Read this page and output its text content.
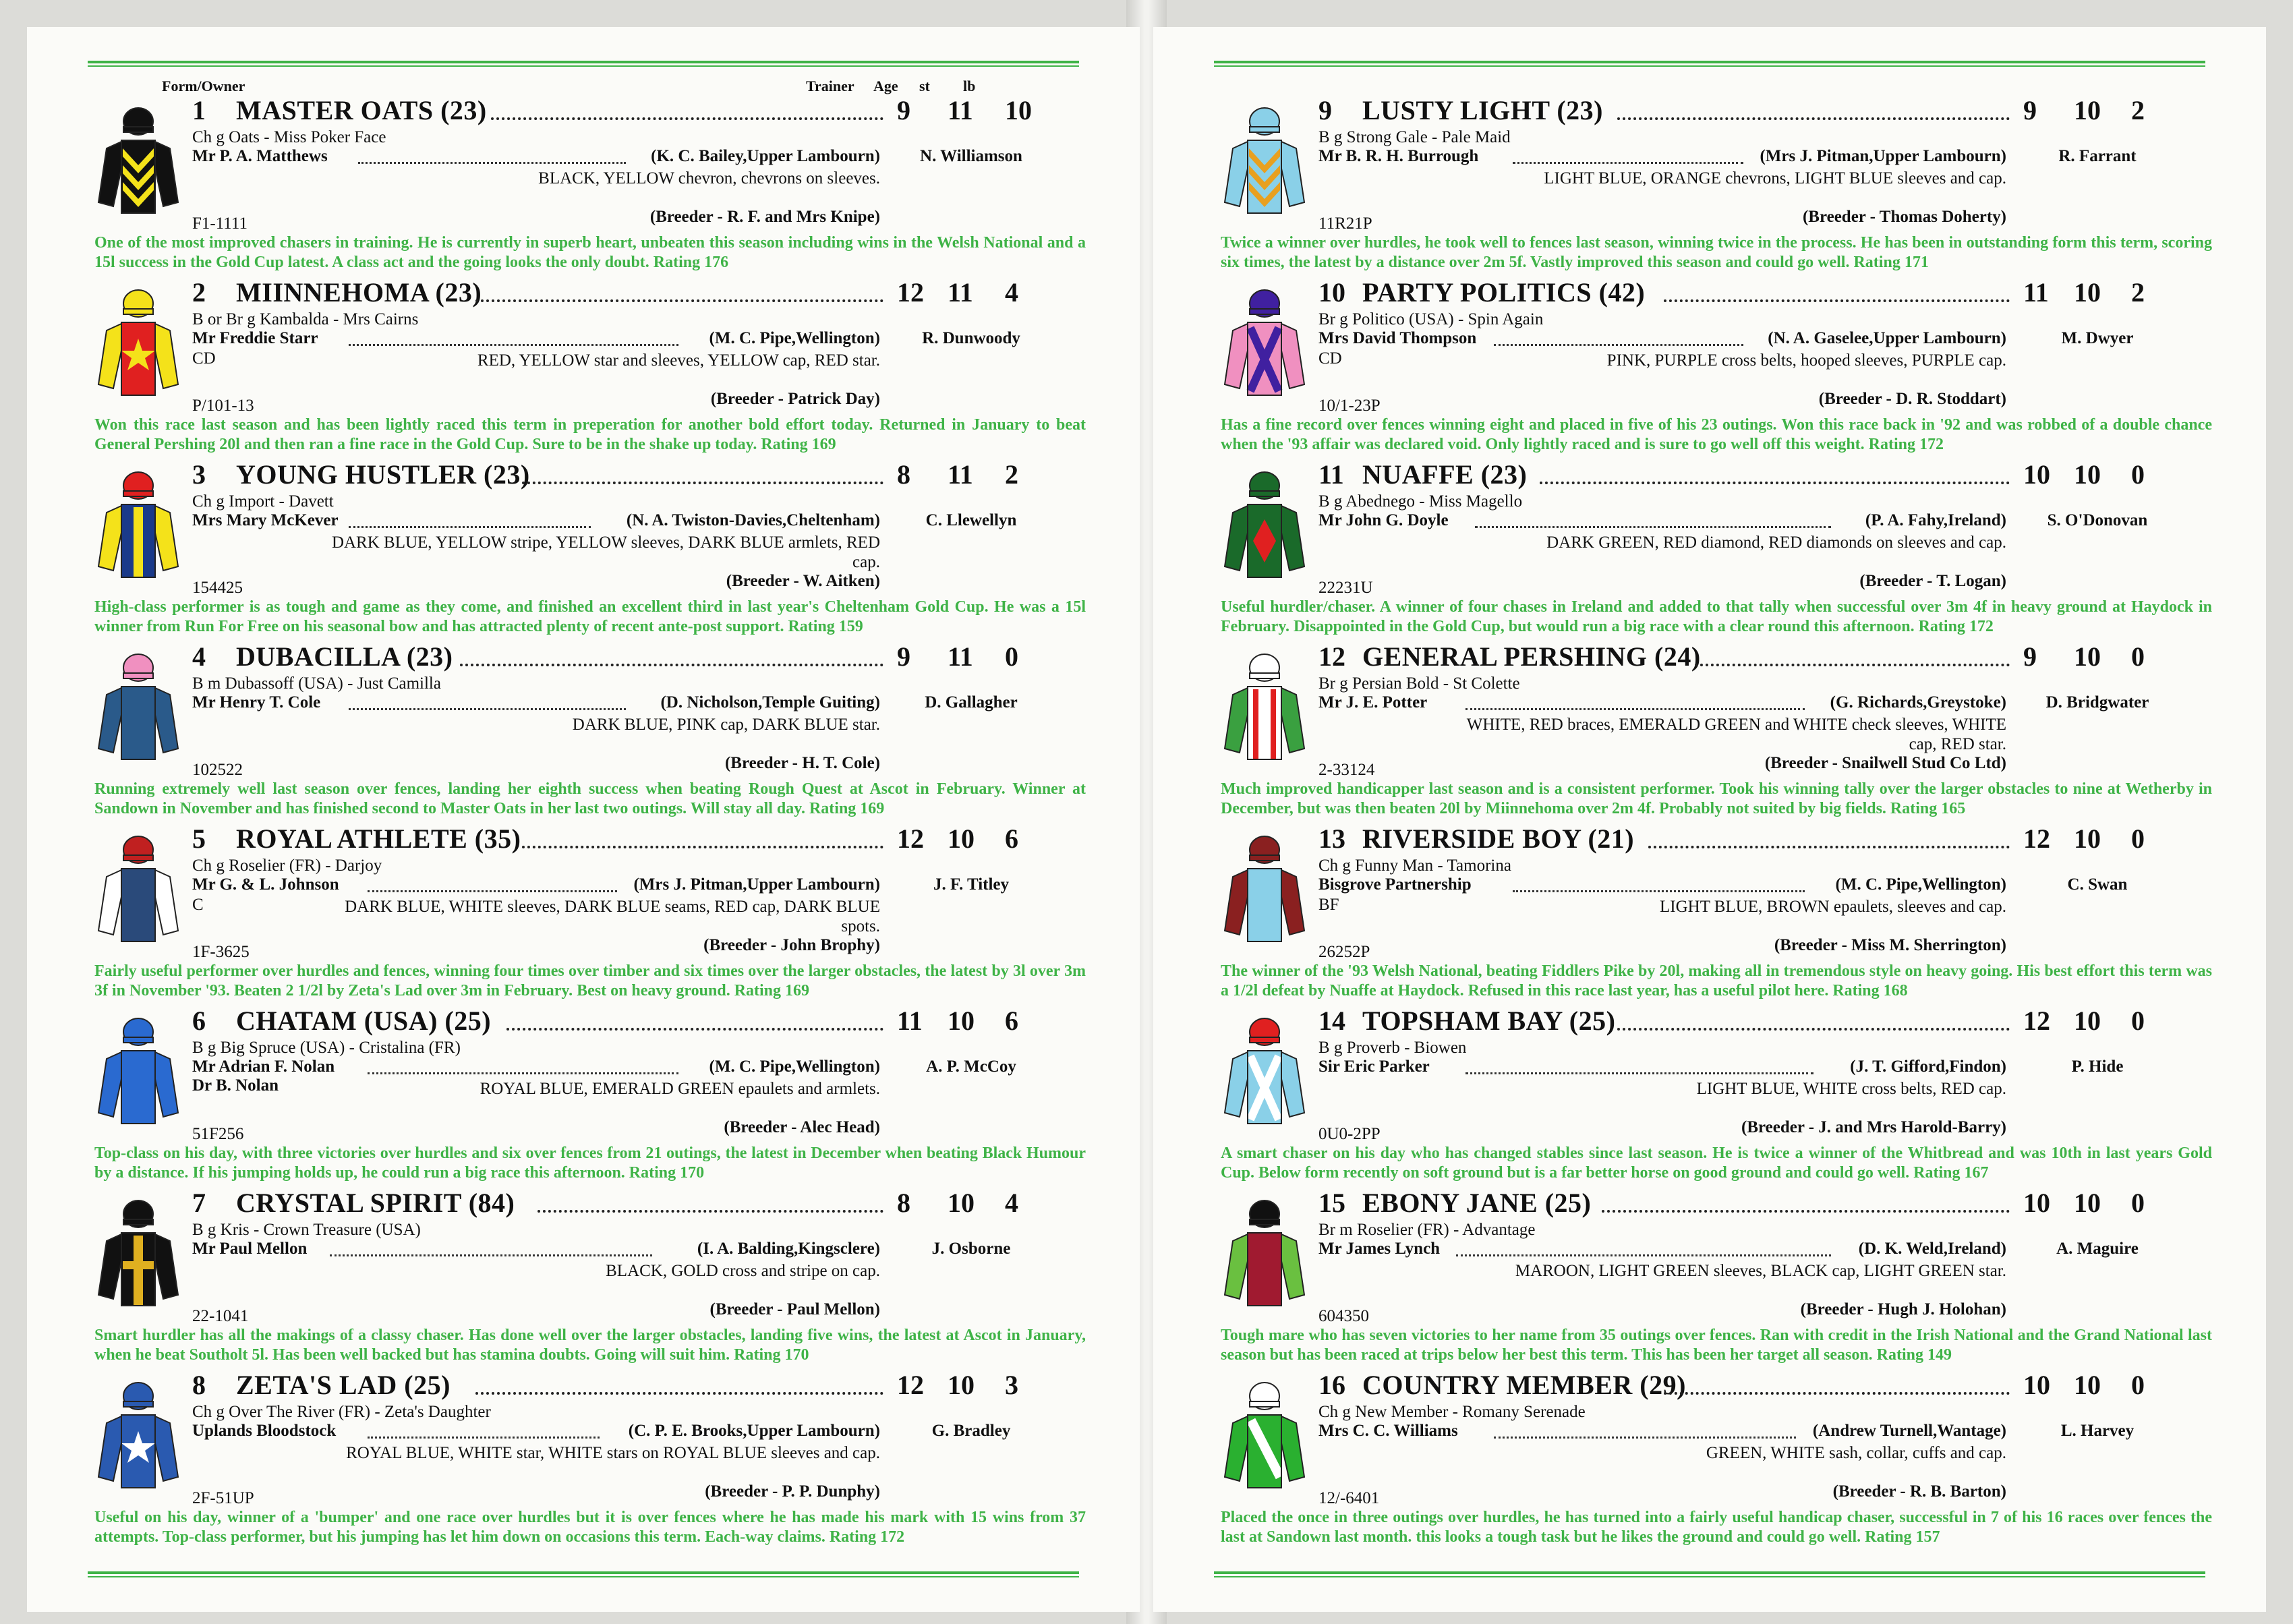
Form/Owner	Trainer Age st lb
1 MASTER OATS (23)	9 11 10
Ch g Oats - Miss Poker Face
Mr P. A. Matthews	(K. C. Bailey,Upper Lambourn)	N. Williamson
BLACK, YELLOW chevron, chevrons on sleeves.
F1-1111	(Breeder - R. F. and Mrs Knipe)
One of the most improved chasers in training. He is currently in superb heart, unbeaten this season including wins in the Welsh National and a 15l success in the Gold Cup latest. A class act and the going looks the only doubt. Rating 176
2 MIINNEHOMA (23)	12 11 4
B or Br g Kambalda - Mrs Cairns
Mr Freddie Starr	(M. C. Pipe,Wellington)	R. Dunwoody
CD	RED, YELLOW star and sleeves, YELLOW cap, RED star.
P/101-13	(Breeder - Patrick Day)
Won this race last season and has been lightly raced this term in preperation for another bold effort today. Returned in January to beat General Pershing 20l and then ran a fine race in the Gold Cup. Sure to be in the shake up today. Rating 169
3 YOUNG HUSTLER (23)	8 11 2
Ch g Import - Davett
Mrs Mary McKever	(N. A. Twiston-Davies,Cheltenham)	C. Llewellyn
DARK BLUE, YELLOW stripe, YELLOW sleeves, DARK BLUE armlets, RED cap.
154425	(Breeder - W. Aitken)
High-class performer is as tough and game as they come, and finished an excellent third in last year's Cheltenham Gold Cup. He was a 15l winner from Run For Free on his seasonal bow and has attracted plenty of recent ante-post support. Rating 159
4 DUBACILLA (23)	9 11 0
B m Dubassoff (USA) - Just Camilla
Mr Henry T. Cole	(D. Nicholson,Temple Guiting)	D. Gallagher
DARK BLUE, PINK cap, DARK BLUE star.
102522	(Breeder - H. T. Cole)
Running extremely well last season over fences, landing her eighth success when beating Rough Quest at Ascot in February. Winner at Sandown in November and has finished second to Master Oats in her last two outings. Will stay all day. Rating 169
5 ROYAL ATHLETE (35)	12 10 6
Ch g Roselier (FR) - Darjoy
Mr G. & L. Johnson	(Mrs J. Pitman,Upper Lambourn)	J. F. Titley
C	DARK BLUE, WHITE sleeves, DARK BLUE seams, RED cap, DARK BLUE spots.
1F-3625	(Breeder - John Brophy)
Fairly useful performer over hurdles and fences, winning four times over timber and six times over the larger obstacles, the latest by 3l over 3m 3f in November '93. Beaten 2 1/2l by Zeta's Lad over 3m in February. Best on heavy ground. Rating 169
6 CHATAM (USA) (25)	11 10 6
B g Big Spruce (USA) - Cristalina (FR)
Mr Adrian F. Nolan	(M. C. Pipe,Wellington)	A. P. McCoy
Dr B. Nolan	ROYAL BLUE, EMERALD GREEN epaulets and armlets.
51F256	(Breeder - Alec Head)
Top-class on his day, with three victories over hurdles and six over fences from 21 outings, the latest in December when beating Black Humour by a distance. If his jumping holds up, he could run a big race this afternoon. Rating 170
7 CRYSTAL SPIRIT (84)	8 10 4
B g Kris - Crown Treasure (USA)
Mr Paul Mellon	(I. A. Balding,Kingsclere)	J. Osborne
BLACK, GOLD cross and stripe on cap.
22-1041	(Breeder - Paul Mellon)
Smart hurdler has all the makings of a classy chaser. Has done well over the larger obstacles, landing five wins, the latest at Ascot in January, when he beat Southolt 5l. Has been well backed but has stamina doubts. Going will suit him. Rating 170
8 ZETA'S LAD (25)	12 10 3
Ch g Over The River (FR) - Zeta's Daughter
Uplands Bloodstock	(C. P. E. Brooks,Upper Lambourn)	G. Bradley
ROYAL BLUE, WHITE star, WHITE stars on ROYAL BLUE sleeves and cap.
2F-51UP	(Breeder - P. P. Dunphy)
Useful on his day, winner of a 'bumper' and one race over hurdles but it is over fences where he has made his mark with 15 wins from 37 attempts. Top-class performer, but his jumping has let him down on occasions this term. Each-way claims. Rating 172
9 LUSTY LIGHT (23)	9 10 2
B g Strong Gale - Pale Maid
Mr B. R. H. Burrough	(Mrs J. Pitman,Upper Lambourn)	R. Farrant
LIGHT BLUE, ORANGE chevrons, LIGHT BLUE sleeves and cap.
11R21P	(Breeder - Thomas Doherty)
Twice a winner over hurdles, he took well to fences last season, winning twice in the process. He has been in outstanding form this term, scoring six times, the latest by a distance over 2m 5f. Vastly improved this season and could go well. Rating 171
10 PARTY POLITICS (42)	11 10 2
Br g Politico (USA) - Spin Again
Mrs David Thompson	(N. A. Gaselee,Upper Lambourn)	M. Dwyer
CD	PINK, PURPLE cross belts, hooped sleeves, PURPLE cap.
10/1-23P	(Breeder - D. R. Stoddart)
Has a fine record over fences winning eight and placed in five of his 23 outings. Won this race back in '92 and was robbed of a double chance when the '93 affair was declared void. Only lightly raced and is sure to go well off this weight. Rating 172
11 NUAFFE (23)	10 10 0
B g Abednego - Miss Magello
Mr John G. Doyle	(P. A. Fahy,Ireland)	S. O'Donovan
DARK GREEN, RED diamond, RED diamonds on sleeves and cap.
22231U	(Breeder - T. Logan)
Useful hurdler/chaser. A winner of four chases in Ireland and added to that tally when successful over 3m 4f in heavy ground at Haydock in February. Disappointed in the Gold Cup, but would run a big race with a clear round this afternoon. Rating 172
12 GENERAL PERSHING (24)	9 10 0
Br g Persian Bold - St Colette
Mr J. E. Potter	(G. Richards,Greystoke)	D. Bridgwater
WHITE, RED braces, EMERALD GREEN and WHITE check sleeves, WHITE cap, RED star.
2-33124	(Breeder - Snailwell Stud Co Ltd)
Much improved handicapper last season and is a consistent performer. Took his winning tally over the larger obstacles to nine at Wetherby in December, but was then beaten 20l by Miinnehoma over 2m 4f. Probably not suited by big fields. Rating 165
13 RIVERSIDE BOY (21)	12 10 0
Ch g Funny Man - Tamorina
Bisgrove Partnership	(M. C. Pipe,Wellington)	C. Swan
BF	LIGHT BLUE, BROWN epaulets, sleeves and cap.
26252P	(Breeder - Miss M. Sherrington)
The winner of the '93 Welsh National, beating Fiddlers Pike by 20l, making all in tremendous style on heavy going. His best effort this term was a 1/2l defeat by Nuaffe at Haydock. Refused in this race last year, has a useful pilot here. Rating 168
14 TOPSHAM BAY (25)	12 10 0
B g Proverb - Biowen
Sir Eric Parker	(J. T. Gifford,Findon)	P. Hide
LIGHT BLUE, WHITE cross belts, RED cap.
0U0-2PP	(Breeder - J. and Mrs Harold-Barry)
A smart chaser on his day who has changed stables since last season. He is twice a winner of the Whitbread and was 10th in last years Gold Cup. Below form recently on soft ground but is a far better horse on good ground and could go well. Rating 167
15 EBONY JANE (25)	10 10 0
Br m Roselier (FR) - Advantage
Mr James Lynch	(D. K. Weld,Ireland)	A. Maguire
MAROON, LIGHT GREEN sleeves, BLACK cap, LIGHT GREEN star.
604350	(Breeder - Hugh J. Holohan)
Tough mare who has seven victories to her name from 35 outings over fences. Ran with credit in the Irish National and the Grand National last season but has been raced at trips below her best this term. This has been her target all season. Rating 149
16 COUNTRY MEMBER (29)	10 10 0
Ch g New Member - Romany Serenade
Mrs C. C. Williams	(Andrew Turnell,Wantage)	L. Harvey
GREEN, WHITE sash, collar, cuffs and cap.
12/-6401	(Breeder - R. B. Barton)
Placed the once in three outings over hurdles, he has turned into a fairly useful handicap chaser, successful in 7 of his 16 races over fences the last at Sandown last month. this looks a tough task but he likes the ground and could go well. Rating 157
